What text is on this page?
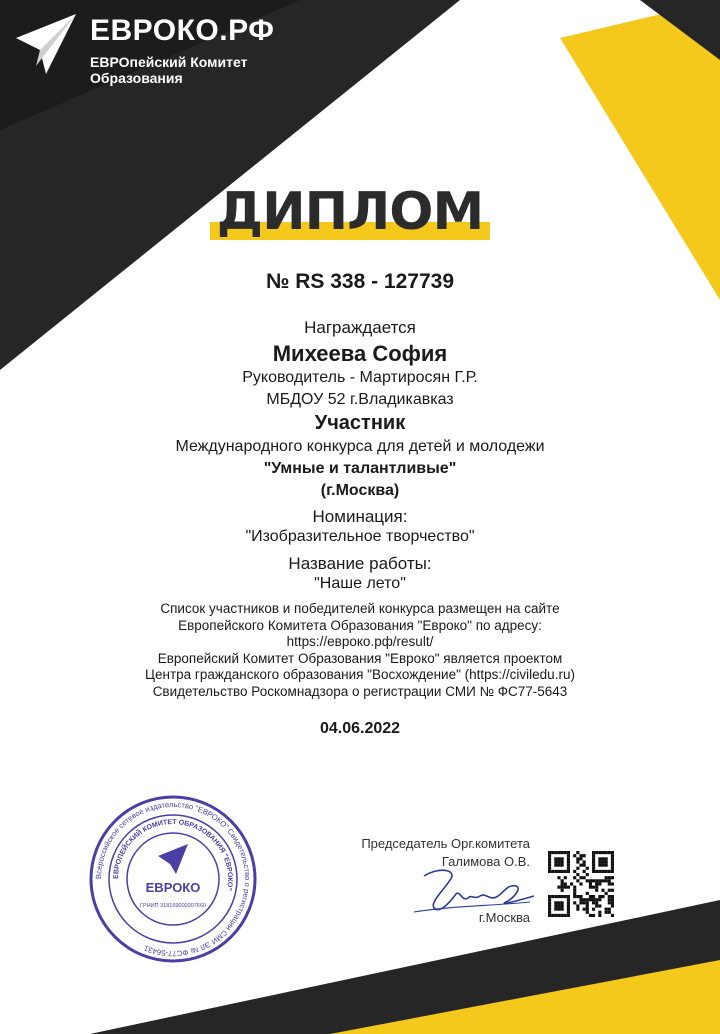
ЕВРОКО.РФ
ЕВРОпейский Комитет Образования
ДИПЛОМ
№ RS 338 - 127739
Награждается
Михеева София
Руководитель - Мартиросян Г.Р.
МБДОУ 52 г.Владикавказ
Участник
Международного конкурса для детей и молодежи
"Умные и талантливые"
(г.Москва)
Номинация:
"Изобразительное творчество"
Название работы:
"Наше лето"
Список участников и победителей конкурса размещен на сайте
Европейского Комитета Образования "Евроко" по адресу:
https://евроко.рф/result/
Европейский Комитет Образования "Евроко" является проектом
Центра гражданского образования "Восхождение" (https://civiledu.ru)
Свидетельство Роскомнадзора о регистрации СМИ № ФС77-5643
04.06.2022
Всероссийское сетевое издательство "ЕВРОКО" Свидетельство о регистрации СМИ ЭЛ № ФС77-56431
ЕВРОПЕЙСКИЙ КОМИТЕТ ОБРАЗОВАНИЯ "ЕВРОКО"
ЕВРОКО
ГРНИП 318169000007660
Председатель Орг.комитета
Галимова О.В.
г.Москва
